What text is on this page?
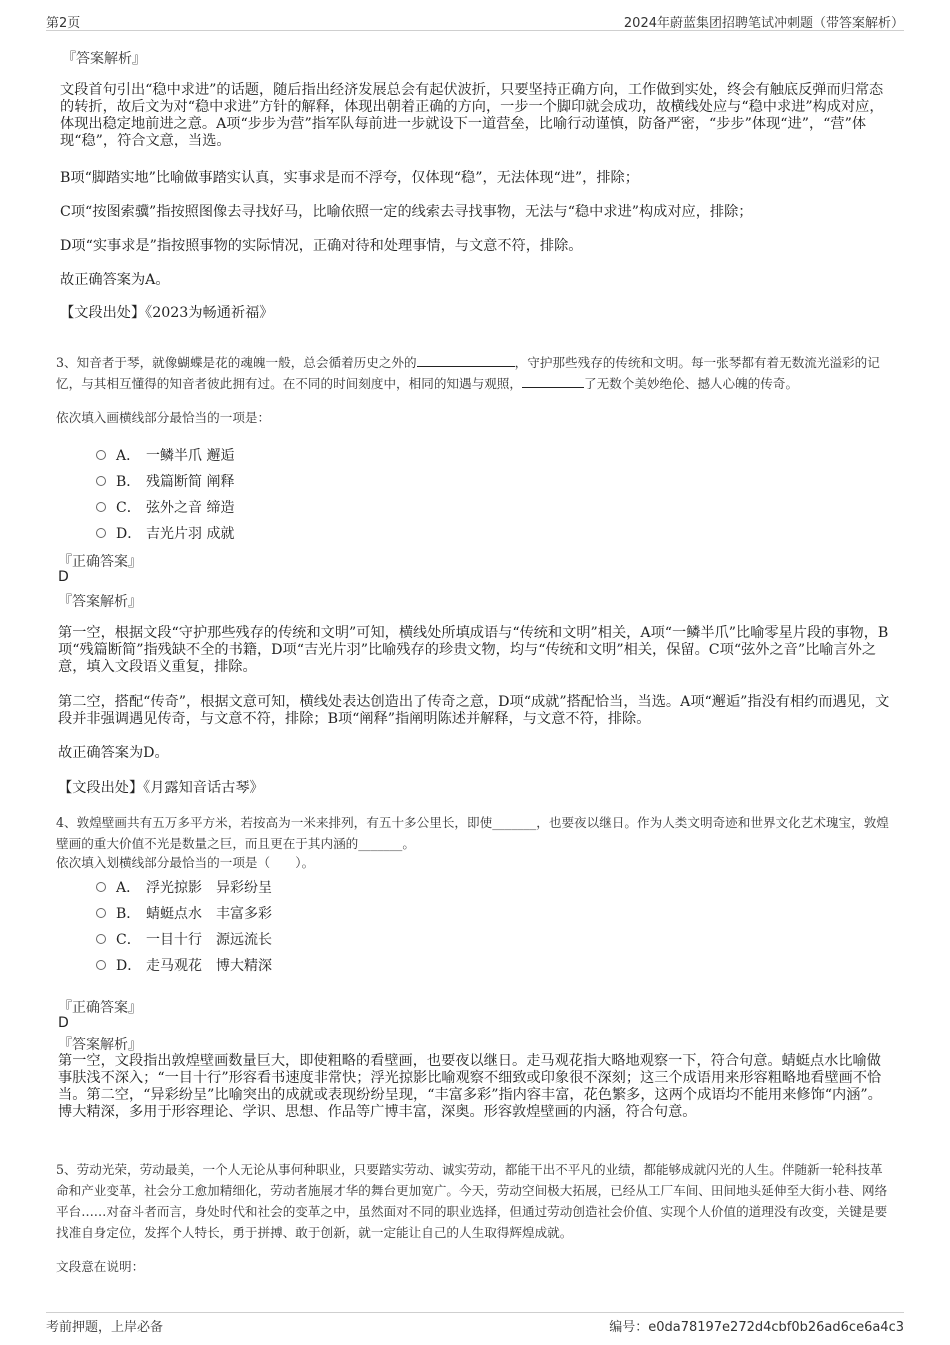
第2页	2024年蔚蓝集团招聘笔试冲刺题（带答案解析）
『答案解析』
文段首句引出“稳中求进”的话题，随后指出经济发展总会有起伏波折，只要坚持正确方向，工作做到实处，终会有触底反弹而归常态的转折，故后文为对“稳中求进”方针的解释，体现出朝着正确的方向，一步一个脚印就会成功，故横线处应与“稳中求进”构成对应，体现出稳定地前进之意。A项“步步为营”指军队每前进一步就设下一道营垒，比喻行动谨慎，防备严密，“步步”体现“进”，“营”体现“稳”，符合文意，当选。
B项“脚踏实地”比喻做事踏实认真，实事求是而不浮夸，仅体现“稳”，无法体现“进”，排除；
C项“按图索骥”指按照图像去寻找好马，比喻依照一定的线索去寻找事物，无法与“稳中求进”构成对应，排除；
D项“实事求是”指按照事物的实际情况，正确对待和处理事情，与文意不符，排除。
故正确答案为A。
【文段出处】《2023为畅通祈福》
3、知音者于琴，就像蝴蝶是花的魂魄一般，总会循着历史之外的	，守护那些残存的传统和文明。每一张琴都有着无数流光溢彩的记忆，与其相互懂得的知音者彼此拥有过。在不同的时间刻度中，相同的知遇与观照，	了无数个美妙绝伦、撼人心魄的传奇。
依次填入画横线部分最恰当的一项是：
A． 一鳞半爪 邂逅
B． 残篇断简 阐释
C． 弦外之音 缔造
D． 吉光片羽 成就
『正确答案』
D
『答案解析』
第一空，根据文段“守护那些残存的传统和文明”可知，横线处所填成语与“传统和文明”相关，A项“一鳞半爪”比喻零星片段的事物，B项“残篇断简”指残缺不全的书籍，D项“吉光片羽”比喻残存的珍贵文物，均与“传统和文明”相关，保留。C项“弦外之音”比喻言外之意，填入文段语义重复，排除。
第二空，搭配“传奇”，根据文意可知，横线处表达创造出了传奇之意，D项“成就”搭配恰当，当选。A项“邂逅”指没有相约而遇见，文段并非强调遇见传奇，与文意不符，排除；B项“阐释”指阐明陈述并解释，与文意不符，排除。
故正确答案为D。
【文段出处】《月露知音话古琴》
4、敦煌壁画共有五万多平方米，若按高为一米来排列，有五十多公里长，即使_______，也要夜以继日。作为人类文明奇迹和世界文化艺术瑰宝，敦煌壁画的重大价值不光是数量之巨，而且更在于其内涵的_______。
依次填入划横线部分最恰当的一项是（　　）。
A． 浮光掠影　异彩纷呈
B． 蜻蜓点水　丰富多彩
C． 一目十行　源远流长
D． 走马观花　博大精深
『正确答案』
D
『答案解析』
第一空，文段指出敦煌壁画数量巨大，即使粗略的看壁画，也要夜以继日。走马观花指大略地观察一下，符合句意。蜻蜓点水比喻做事肤浅不深入；“一目十行”形容看书速度非常快；浮光掠影比喻观察不细致或印象很不深刻；这三个成语用来形容粗略地看壁画不恰当。第二空，“异彩纷呈”比喻突出的成就或表现纷纷呈现，“丰富多彩”指内容丰富，花色繁多，这两个成语均不能用来修饰“内涵”。博大精深，多用于形容理论、学识、思想、作品等广博丰富，深奥。形容敦煌壁画的内涵，符合句意。
5、劳动光荣，劳动最美，一个人无论从事何种职业，只要踏实劳动、诚实劳动，都能干出不平凡的业绩，都能够成就闪光的人生。伴随新一轮科技革命和产业变革，社会分工愈加精细化，劳动者施展才华的舞台更加宽广。今天，劳动空间极大拓展，已经从工厂车间、田间地头延伸至大街小巷、网络平台……对奋斗者而言，身处时代和社会的变革之中，虽然面对不同的职业选择，但通过劳动创造社会价值、实现个人价值的道理没有改变，关键是要找准自身定位，发挥个人特长，勇于拼搏、敢于创新，就一定能让自己的人生取得辉煌成就。
文段意在说明：
考前押题，上岸必备	编号：e0da78197e272d4cbf0b26ad6ce6a4c3
